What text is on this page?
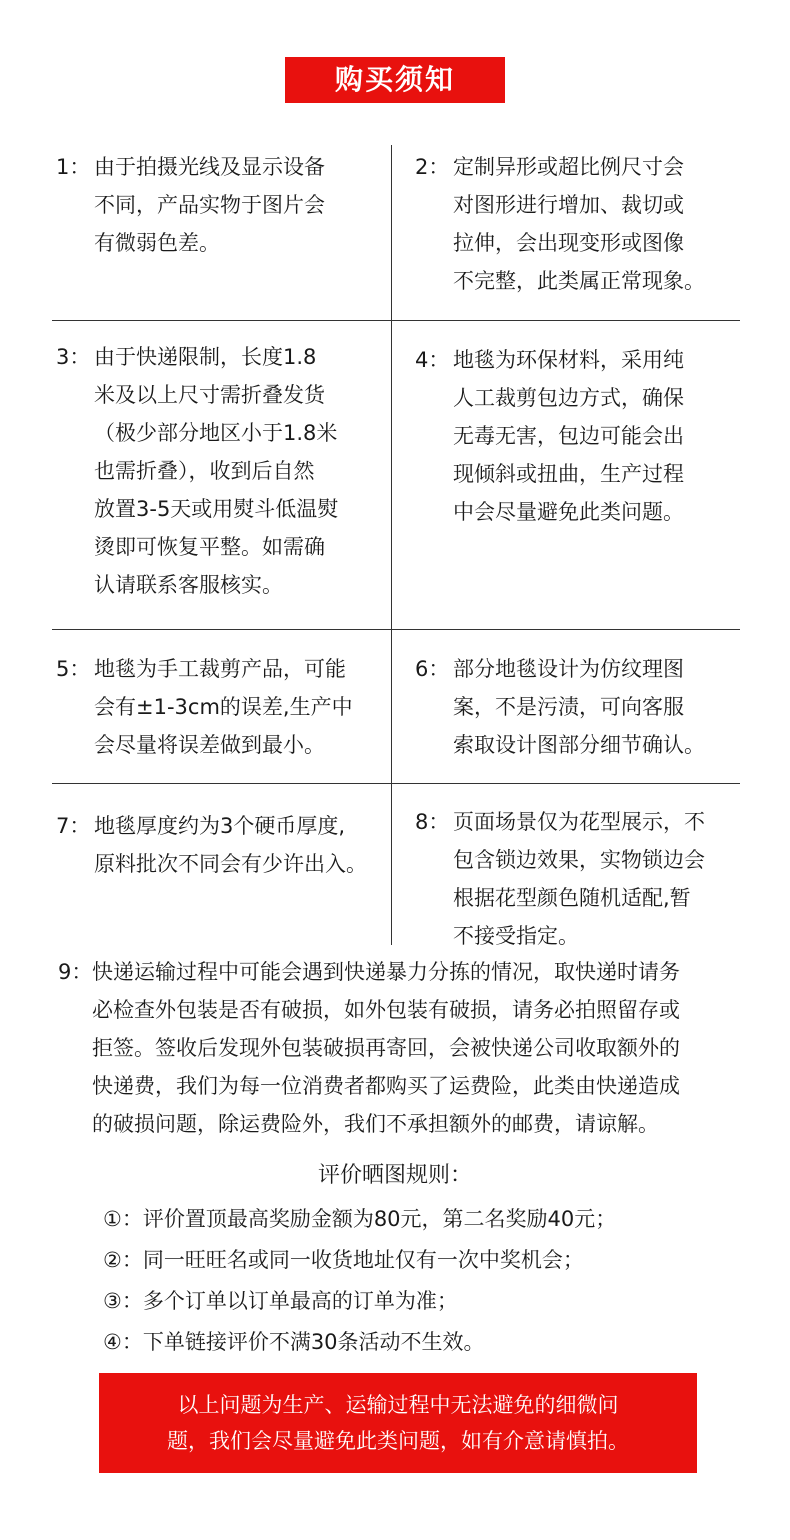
购买须知
1： 由于拍摄光线及显示设备
不同，产品实物于图片会
有微弱色差。
2： 定制异形或超比例尺寸会
对图形进行增加、裁切或
拉伸，会出现变形或图像
不完整，此类属正常现象。
3： 由于快递限制，长度1.8
米及以上尺寸需折叠发货
（极少部分地区小于1.8米
也需折叠），收到后自然
放置3-5天或用熨斗低温熨
烫即可恢复平整。如需确
认请联系客服核实。
4： 地毯为环保材料，采用纯
人工裁剪包边方式，确保
无毒无害，包边可能会出
现倾斜或扭曲，生产过程
中会尽量避免此类问题。
5： 地毯为手工裁剪产品，可能
会有±1-3cm的误差,生产中
会尽量将误差做到最小。
6： 部分地毯设计为仿纹理图
案，不是污渍，可向客服
索取设计图部分细节确认。
7： 地毯厚度约为3个硬币厚度,
原料批次不同会有少许出入。
8： 页面场景仅为花型展示，不
包含锁边效果，实物锁边会
根据花型颜色随机适配,暂
不接受指定。
9： 快递运输过程中可能会遇到快递暴力分拣的情况，取快递时请务
必检查外包装是否有破损，如外包装有破损，请务必拍照留存或
拒签。签收后发现外包装破损再寄回，会被快递公司收取额外的
快递费，我们为每一位消费者都购买了运费险，此类由快递造成
的破损问题，除运费险外，我们不承担额外的邮费，请谅解。
评价晒图规则：
①：评价置顶最高奖励金额为80元，第二名奖励40元；
②：同一旺旺名或同一收货地址仅有一次中奖机会；
③：多个订单以订单最高的订单为准；
④：下单链接评价不满30条活动不生效。
以上问题为生产、运输过程中无法避免的细微问
题，我们会尽量避免此类问题，如有介意请慎拍。
